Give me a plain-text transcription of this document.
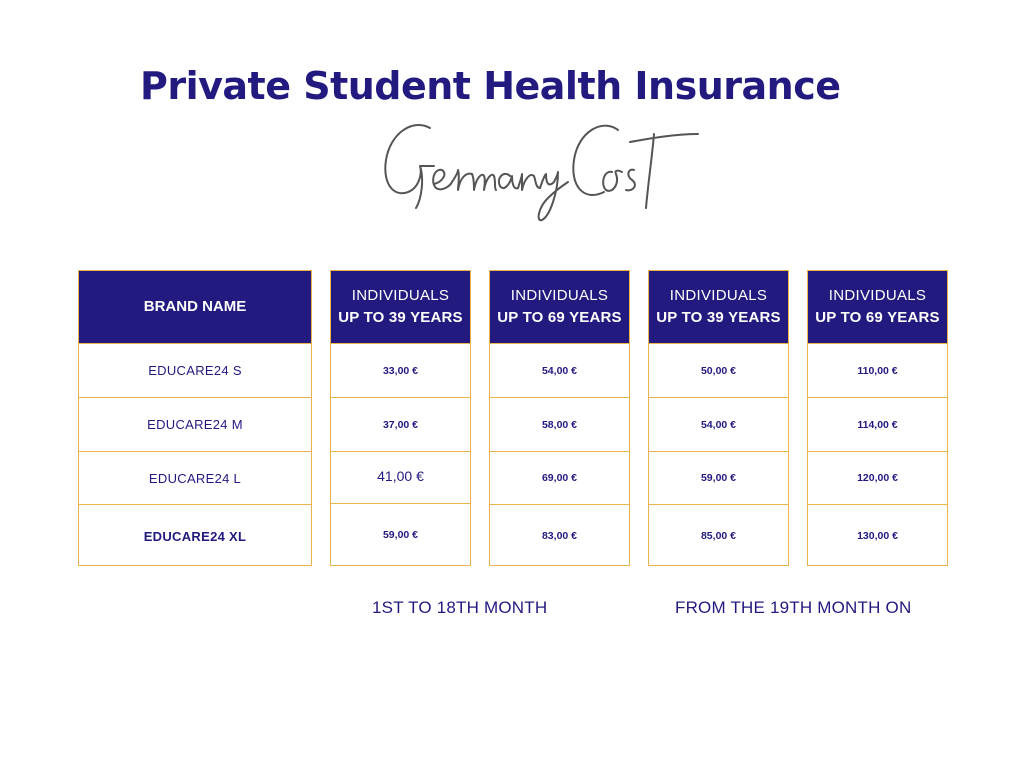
Private Student Health Insurance
BRAND NAME
EDUCARE24 S
EDUCARE24 M
EDUCARE24 L
EDUCARE24 XL
INDIVIDUALS
UP TO 39 YEARS
33,00 €
37,00 €
41,00 €
59,00 €
INDIVIDUALS
UP TO 69 YEARS
54,00 €
58,00 €
69,00 €
83,00 €
INDIVIDUALS
UP TO 39 YEARS
50,00 €
54,00 €
59,00 €
85,00 €
INDIVIDUALS
UP TO 69 YEARS
110,00 €
114,00 €
120,00 €
130,00 €
1ST TO 18TH MONTH	FROM THE 19TH MONTH ON
